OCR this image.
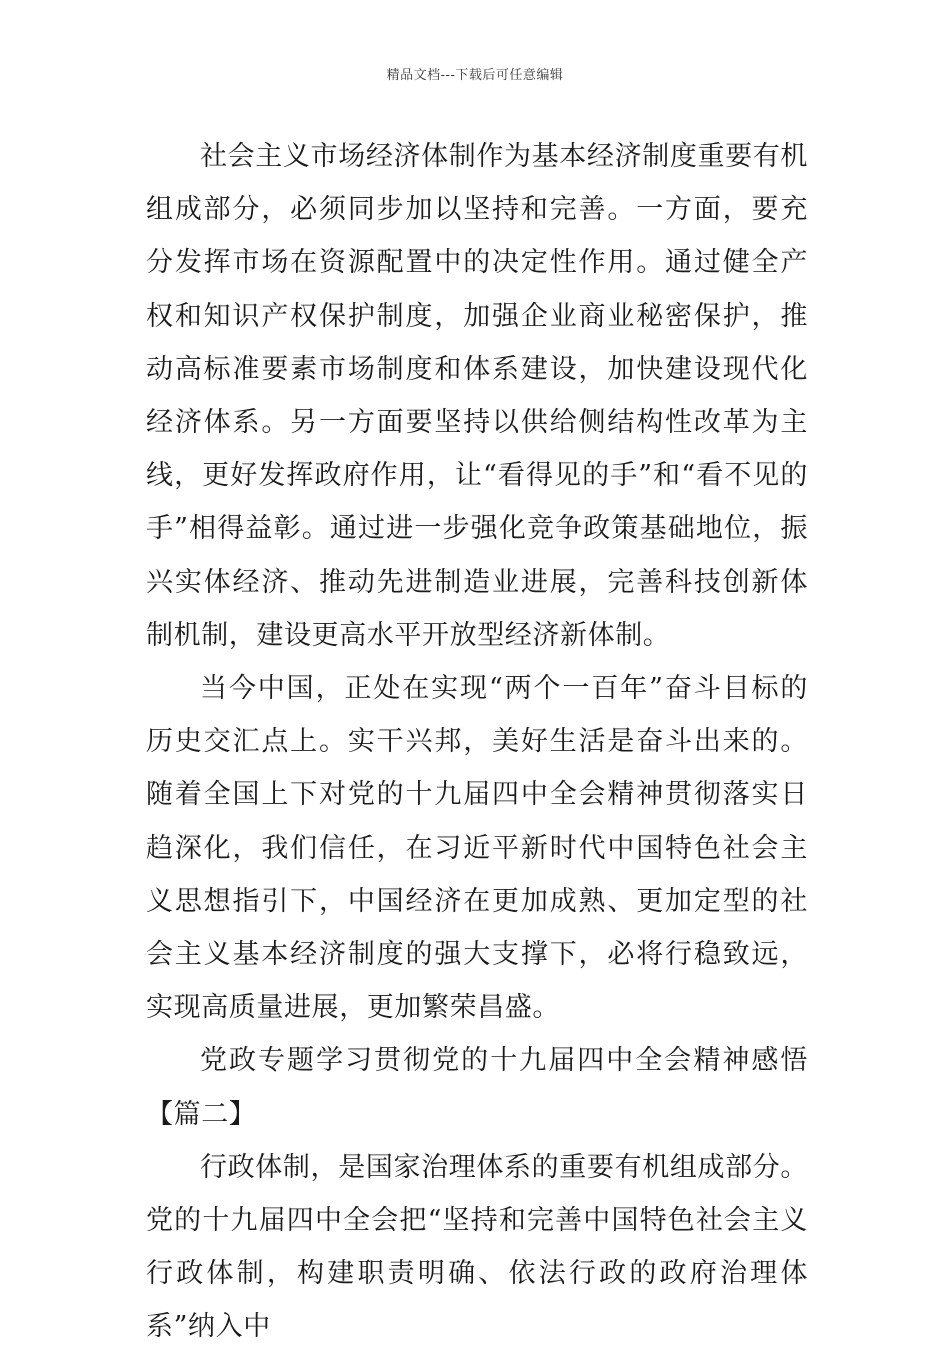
精品文档---下载后可任意编辑

社会主义市场经济体制作为基本经济制度重要有机组成部分，必须同步加以坚持和完善。一方面，要充分发挥市场在资源配置中的决定性作用。通过健全产权和知识产权保护制度，加强企业商业秘密保护，推动高标准要素市场制度和体系建设，加快建设现代化经济体系。另一方面要坚持以供给侧结构性改革为主线，更好发挥政府作用，让“看得见的手”和“看不见的手”相得益彰。通过进一步强化竞争政策基础地位，振兴实体经济、推动先进制造业进展，完善科技创新体制机制，建设更高水平开放型经济新体制。

当今中国，正处在实现“两个一百年”奋斗目标的历史交汇点上。实干兴邦，美好生活是奋斗出来的。随着全国上下对党的十九届四中全会精神贯彻落实日趋深化，我们信任，在习近平新时代中国特色社会主义思想指引下，中国经济在更加成熟、更加定型的社会主义基本经济制度的强大支撑下，必将行稳致远，实现高质量进展，更加繁荣昌盛。

党政专题学习贯彻党的十九届四中全会精神感悟【篇二】

行政体制，是国家治理体系的重要有机组成部分。党的十九届四中全会把“坚持和完善中国特色社会主义行政体制，构建职责明确、依法行政的政府治理体系”纳入中
